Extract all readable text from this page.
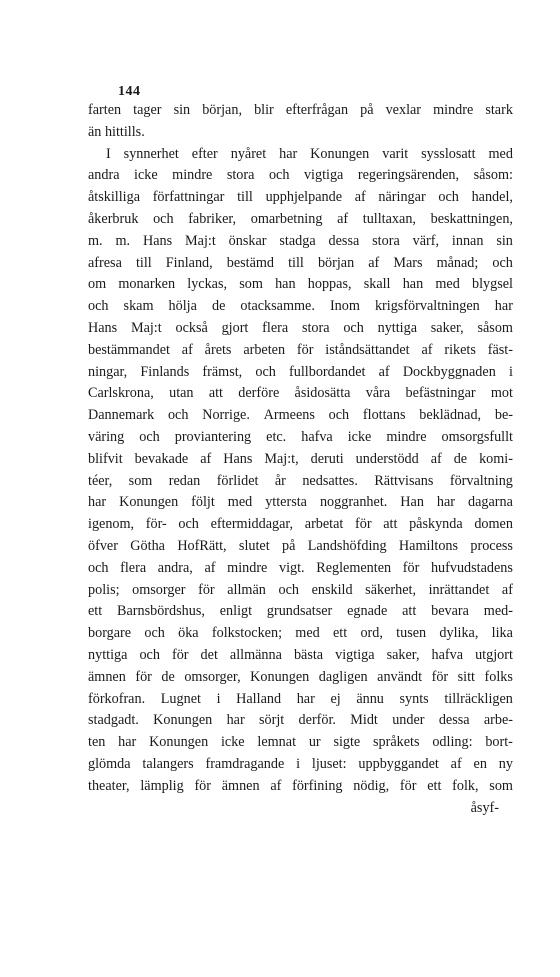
144
farten tager sin början, blir efterfrågan på vexlar mindre stark
än hittills.
I synnerhet efter nyåret har Konungen varit sysslosatt med
andra icke mindre stora och vigtiga regeringsärenden, såsom:
åtskilliga författningar till upphjelpande af näringar och handel,
åkerbruk och fabriker, omarbetning af tulltaxan, beskattningen,
m. m. Hans Maj:t önskar stadga dessa stora värf, innan sin
afresa till Finland, bestämd till början af Mars månad; och
om monarken lyckas, som han hoppas, skall han med blygsel
och skam hölja de otacksamme. Inom krigsförvaltningen har
Hans Maj:t också gjort flera stora och nyttiga saker, såsom
bestämmandet af årets arbeten för iståndsättandet af rikets fäst-
ningar, Finlands främst, och fullbordandet af Dockbyggnaden i
Carlskrona, utan att derföre åsidosätta våra befästningar mot
Dannemark och Norrige. Armeens och flottans beklädnad, be-
väring och proviantering etc. hafva icke mindre omsorgsfullt
blifvit bevakade af Hans Maj:t, deruti understödd af de komi-
téer, som redan förlidet år nedsattes. Rättvisans förvaltning
har Konungen följt med yttersta noggranhet. Han har dagarna
igenom, för- och eftermiddagar, arbetat för att påskynda domen
öfver Götha HofRätt, slutet på Landshöfding Hamiltons process
och flera andra, af mindre vigt. Reglementen för hufvudstadens
polis; omsorger för allmän och enskild säkerhet, inrättandet af
ett Barnsbördshus, enligt grundsatser egnade att bevara med-
borgare och öka folkstocken; med ett ord, tusen dylika, lika
nyttiga och för det allmänna bästa vigtiga saker, hafva utgjort
ämnen för de omsorger, Konungen dagligen användt för sitt folks
förkofran. Lugnet i Halland har ej ännu synts tillräckligen
stadgadt. Konungen har sörjt derför. Midt under dessa arbe-
ten har Konungen icke lemnat ur sigte språkets odling: bort-
glömda talangers framdragande i ljuset: uppbyggandet af en ny
theater, lämplig för ämnen af förfining nödig, för ett folk, som
åsyf-
